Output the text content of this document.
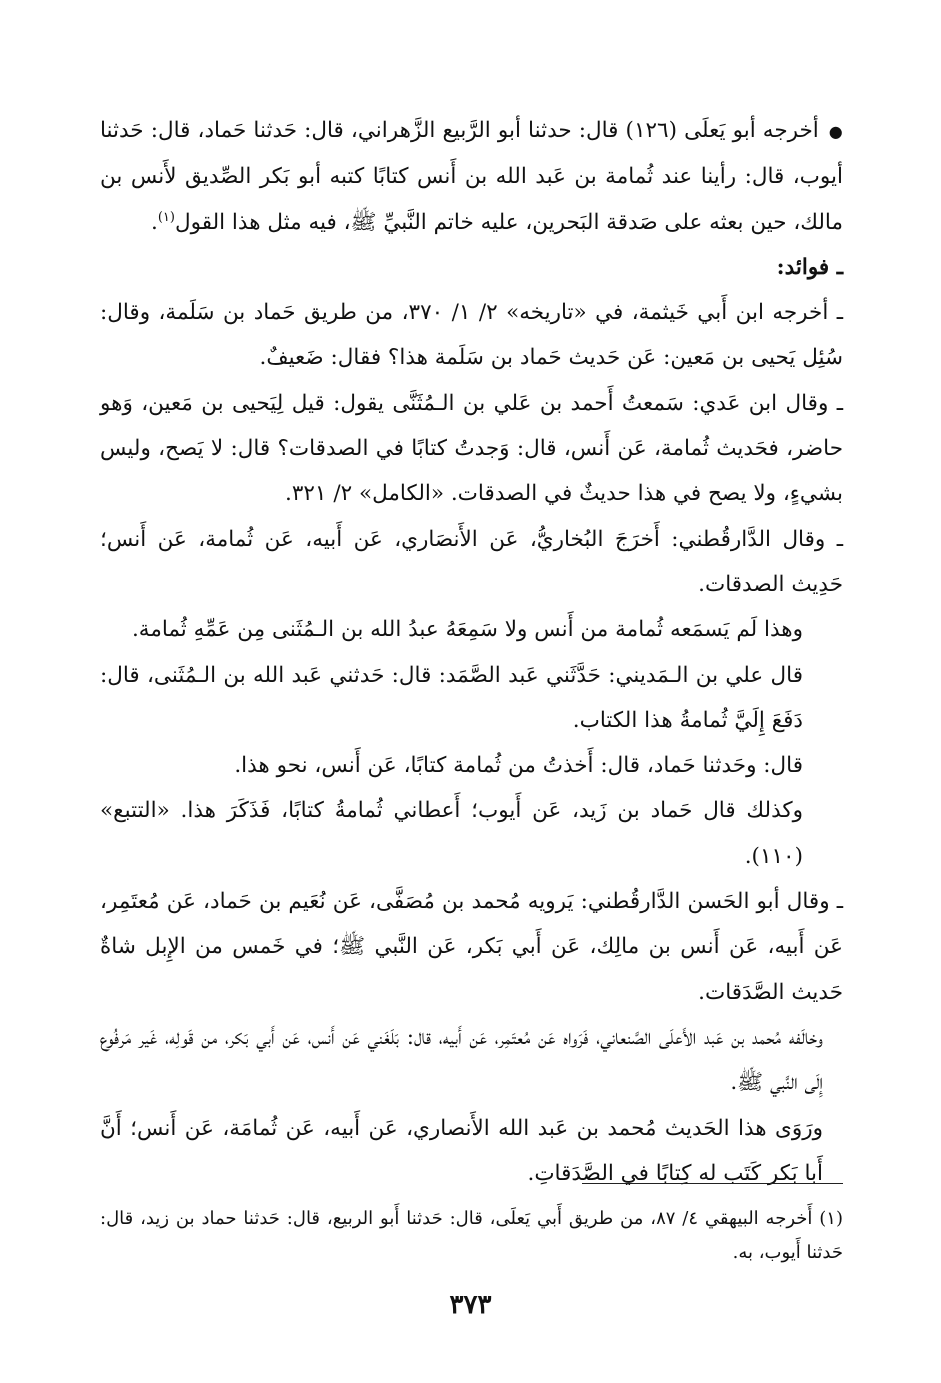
●أخرجه أبو يَعلَى (١٢٦) قال: حدثنا أبو الرَّبيع الزَّهراني، قال: حَدثنا حَماد، قال: حَدثنا أيوب، قال: رأينا عند ثُمامة بن عَبد الله بن أَنس كتابًا كتبه أبو بَكر الصِّديق لأَنس بن مالك، حين بعثه على صَدقة البَحرين، عليه خاتم النَّبيِّ ﷺ، فيه مثل هذا القول$^{(١)}$.

ـ فوائد:

ـ أخرجه ابن أَبي خَيثمة، في «تاريخه» ٢/ ١/ ٣٧٠، من طريق حَماد بن سَلَمة، وقال: سُئِل يَحيى بن مَعين: عَن حَديث حَماد بن سَلَمة هذا؟ فقال: ضَعيفٌ.

ـ وقال ابن عَدي: سَمعتُ أَحمد بن عَلي بن الـمُثَنَّى يقول: قيل لِيَحيى بن مَعين، وَهو حاضر، فحَديث ثُمامة، عَن أَنس، قال: وَجدتُ كتابًا في الصدقات؟ قال: لا يَصح، وليس بشيءٍ، ولا يصح في هذا حديثٌ في الصدقات. «الكامل» ٢/ ٣٢١.

ـ وقال الدَّارقُطني: أَخرَجَ البُخاريُّ، عَن الأَنصَاري، عَن أَبيه، عَن ثُمامة، عَن أَنس؛ حَدِيث الصدقات.

وهذا لَم يَسمَعه ثُمامة من أَنس ولا سَمِعَهُ عبدُ الله بن الـمُثَنى مِن عَمِّهِ ثُمامة.

قال علي بن الـمَديني: حَدَّثَني عَبد الصَّمَد: قال: حَدثني عَبد الله بن الـمُثَنى، قال: دَفَعَ إِلَيَّ ثُمامةُ هذا الكتاب.

قال: وحَدثنا حَماد، قال: أَخذتُ من ثُمامة كتابًا، عَن أَنس، نحو هذا.

وكذلك قال حَماد بن زَيد، عَن أَيوب؛ أَعطاني ثُمامةُ كتابًا، فَذَكَرَ هذا. «التتبع» (١١٠).

ـ وقال أبو الحَسن الدَّارقُطني: يَرويه مُحمد بن مُصَفَّى، عَن نُعَيم بن حَماد، عَن مُعتَمِر، عَن أَبيه، عَن أَنس بن مالِك، عَن أَبي بَكر، عَن النَّبي ﷺ؛ في خَمس من الإِبل شاةٌ حَديث الصَّدَقات.

وخالَفه مُحمد بن عَبد الأَعلَى الصَّنعاني، فَرَواه عَن مُعتَمِر، عَن أَبيه، قال: بَلَغَني عَن أَنس، عَن أَبي بَكر، من قَولِه، غَير مَرفُوع إِلَى النَّبي ﷺ.

ورَوَى هذا الحَديث مُحمد بن عَبد الله الأَنصاري، عَن أَبيه، عَن ثُمامَة، عَن أَنس؛ أَنَّ أَبا بَكر كَتَب له كِتابًا في الصَّدَقاتِ.

(١) أَخرجه البيهقي ٤/ ٨٧، من طريق أَبي يَعلَى، قال: حَدثنا أَبو الربيع، قال: حَدثنا حماد بن زيد، قال: حَدثنا أَيوب، به.

٣٧٣
